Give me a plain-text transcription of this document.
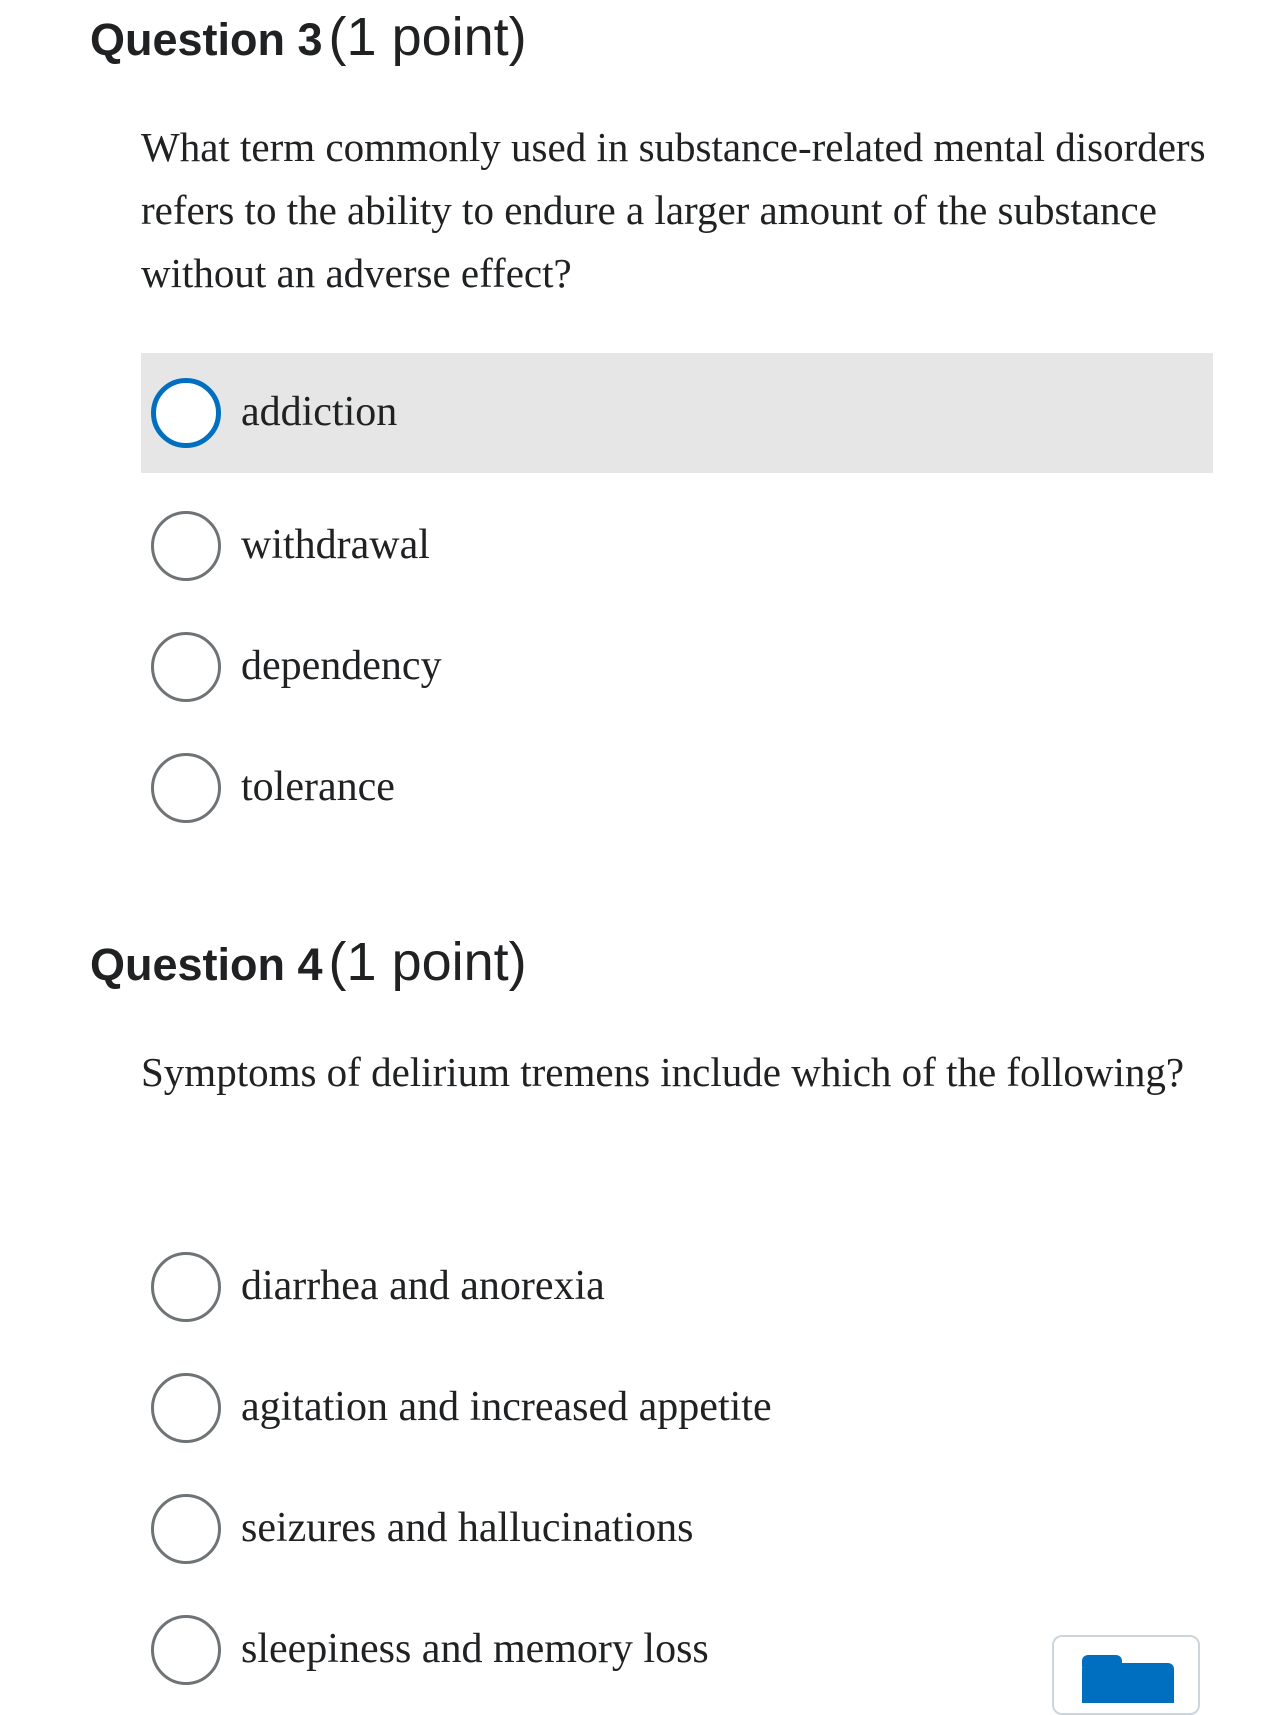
Question 3 (1 point)

What term commonly used in substance-related mental disorders refers to the ability to endure a larger amount of the substance without an adverse effect?

addiction
withdrawal
dependency
tolerance
Question 4 (1 point)

Symptoms of delirium tremens include which of the following?

diarrhea and anorexia
agitation and increased appetite
seizures and hallucinations
sleepiness and memory loss
